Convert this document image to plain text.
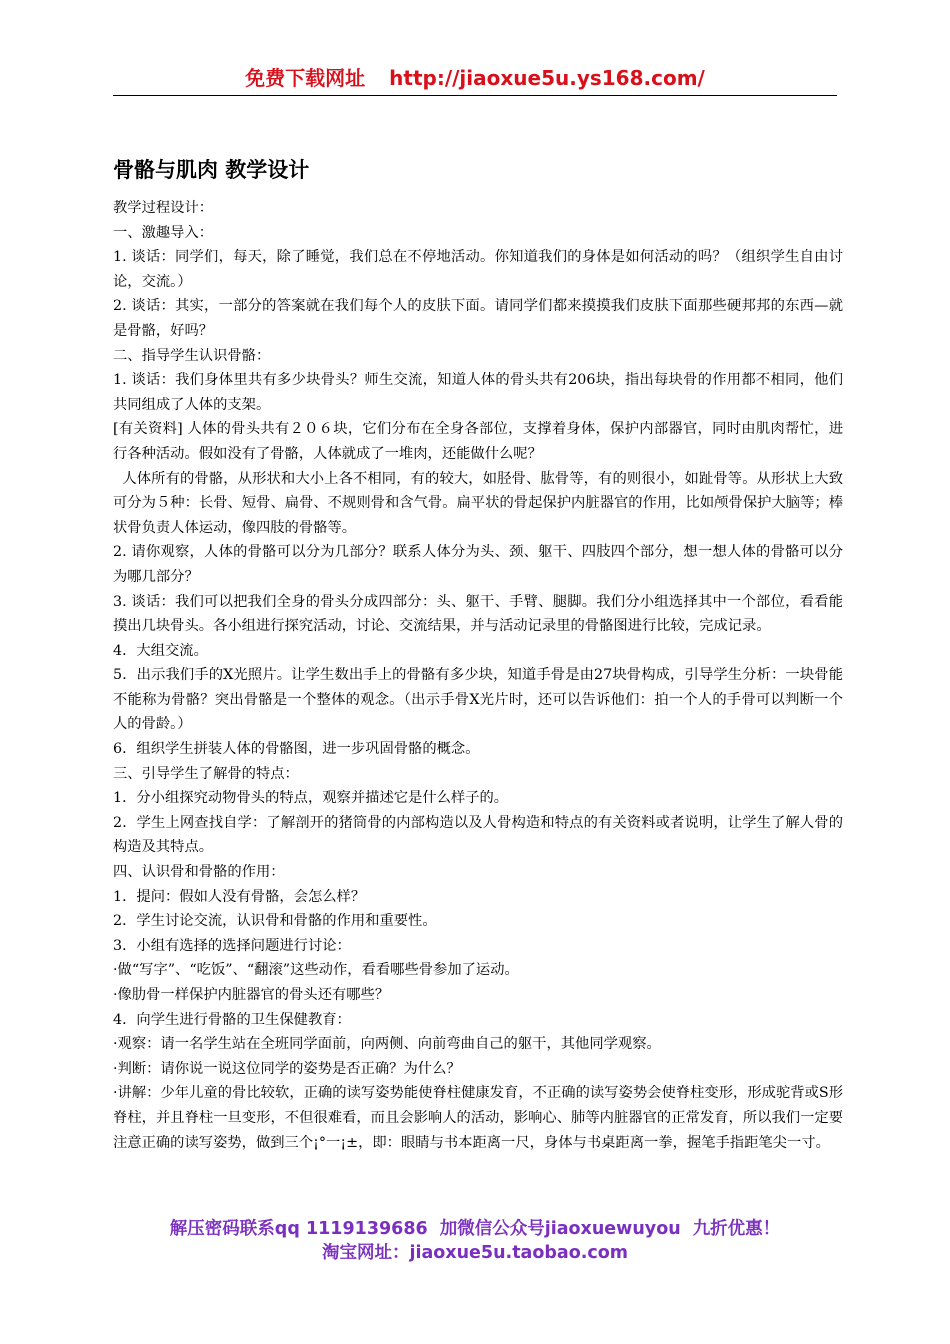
免费下载网址 http://jiaoxue5u.ys168.com/
骨骼与肌肉 教学设计

教学过程设计：

一、激趣导入：

1. 谈话：同学们，每天，除了睡觉，我们总在不停地活动。你知道我们的身体是如何活动的吗？（组织学生自由讨论，交流。）

2. 谈话：其实，一部分的答案就在我们每个人的皮肤下面。请同学们都来摸摸我们皮肤下面那些硬邦邦的东西—就是骨骼，好吗？

二、指导学生认识骨骼：

1. 谈话：我们身体里共有多少块骨头？师生交流，知道人体的骨头共有206块，指出每块骨的作用都不相同，他们共同组成了人体的支架。

[有关资料] 人体的骨头共有２０６块，它们分布在全身各部位，支撑着身体，保护内部器官，同时由肌肉帮忙，进行各种活动。假如没有了骨骼，人体就成了一堆肉，还能做什么呢？

人体所有的骨骼，从形状和大小上各不相同，有的较大，如胫骨、肱骨等，有的则很小，如趾骨等。从形状上大致可分为５种：长骨、短骨、扁骨、不规则骨和含气骨。扁平状的骨起保护内脏器官的作用，比如颅骨保护大脑等；棒状骨负责人体运动，像四肢的骨骼等。

2. 请你观察，人体的骨骼可以分为几部分？联系人体分为头、颈、躯干、四肢四个部分，想一想人体的骨骼可以分为哪几部分？

3. 谈话：我们可以把我们全身的骨头分成四部分：头、躯干、手臂、腿脚。我们分小组选择其中一个部位，看看能摸出几块骨头。各小组进行探究活动，讨论、交流结果，并与活动记录里的骨骼图进行比较，完成记录。

4．大组交流。

5．出示我们手的X光照片。让学生数出手上的骨骼有多少块，知道手骨是由27块骨构成，引导学生分析：一块骨能不能称为骨骼？突出骨骼是一个整体的观念。（出示手骨X光片时，还可以告诉他们：拍一个人的手骨可以判断一个人的骨龄。）

6．组织学生拼装人体的骨骼图，进一步巩固骨骼的概念。

三、引导学生了解骨的特点：

1．分小组探究动物骨头的特点，观察并描述它是什么样子的。

2．学生上网查找自学：了解剖开的猪筒骨的内部构造以及人骨构造和特点的有关资料或者说明，让学生了解人骨的构造及其特点。

四、认识骨和骨骼的作用：

1．提问：假如人没有骨骼，会怎么样？

2．学生讨论交流，认识骨和骨骼的作用和重要性。

3．小组有选择的选择问题进行讨论：

·做“写字”、“吃饭”、“翻滚”这些动作，看看哪些骨参加了运动。

·像肋骨一样保护内脏器官的骨头还有哪些？

4．向学生进行骨骼的卫生保健教育：

·观察：请一名学生站在全班同学面前，向两侧、向前弯曲自己的躯干，其他同学观察。

·判断：请你说一说这位同学的姿势是否正确？为什么？

·讲解：少年儿童的骨比较软，正确的读写姿势能使脊柱健康发育，不正确的读写姿势会使脊柱变形，形成驼背或S形脊柱，并且脊柱一旦变形，不但很难看，而且会影响人的活动，影响心、肺等内脏器官的正常发育，所以我们一定要注意正确的读写姿势，做到三个¡°一¡±，即：眼睛与书本距离一尺，身体与书桌距离一拳，握笔手指距笔尖一寸。

解压密码联系qq 1119139686 加微信公众号jiaoxuewuyou 九折优惠！
淘宝网址：jiaoxue5u.taobao.com
